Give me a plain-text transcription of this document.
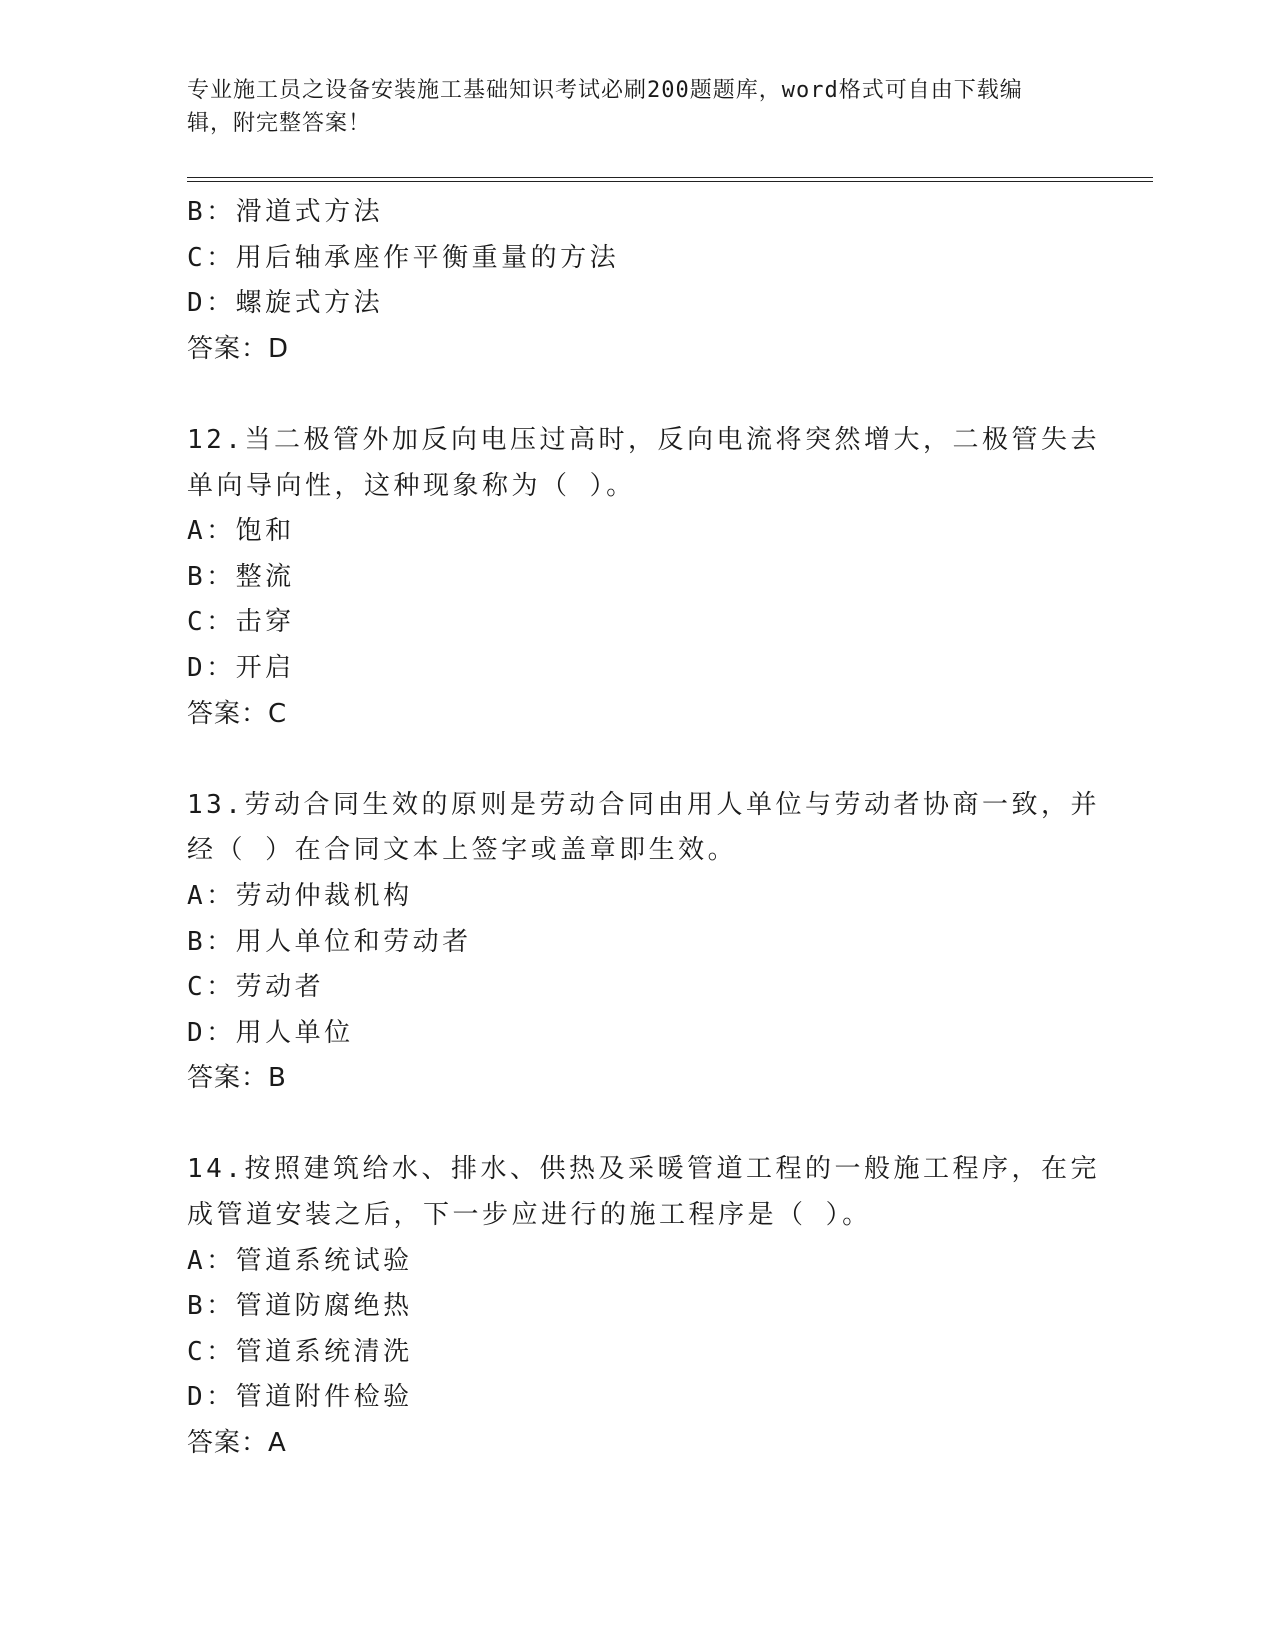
专业施工员之设备安装施工基础知识考试必刷200题题库，word格式可自由下载编辑，附完整答案！
B：滑道式方法
C：用后轴承座作平衡重量的方法
D：螺旋式方法
答案：D
12.当二极管外加反向电压过高时，反向电流将突然增大，二极管失去
单向导向性，这种现象称为（ ）。
A：饱和
B：整流
C：击穿
D：开启
答案：C
13.劳动合同生效的原则是劳动合同由用人单位与劳动者协商一致，并
经（ ）在合同文本上签字或盖章即生效。
A：劳动仲裁机构
B：用人单位和劳动者
C：劳动者
D：用人单位
答案：B
14.按照建筑给水、排水、供热及采暖管道工程的一般施工程序，在完
成管道安装之后，下一步应进行的施工程序是（ ）。
A：管道系统试验
B：管道防腐绝热
C：管道系统清洗
D：管道附件检验
答案：A
